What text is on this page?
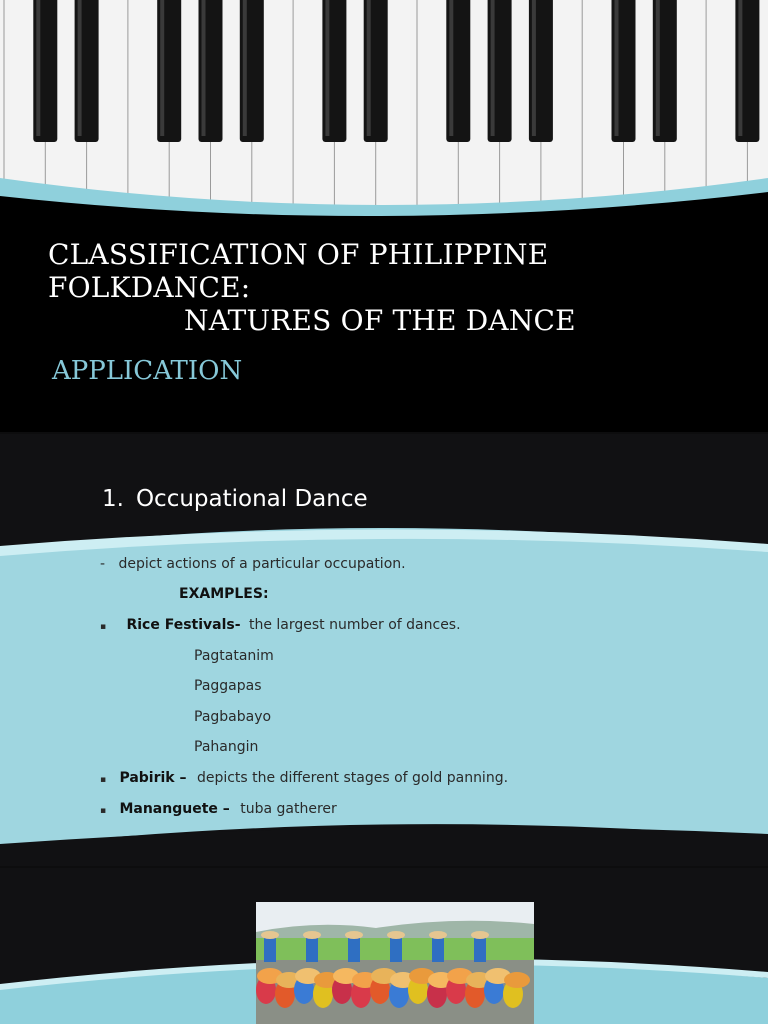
CLASSIFICATION OF PHILIPPINE
FOLKDANCE:
NATURES OF THE DANCE
APPLICATION
1. Occupational Dance
- depict actions of a particular occupation.
EXAMPLES:
▪ Rice Festivals- the largest number of dances.
Pagtatanim
Paggapas
Pagbabayo
Pahangin
▪ Pabirik – depicts the different stages of gold panning.
▪ Mananguete – tuba gatherer
